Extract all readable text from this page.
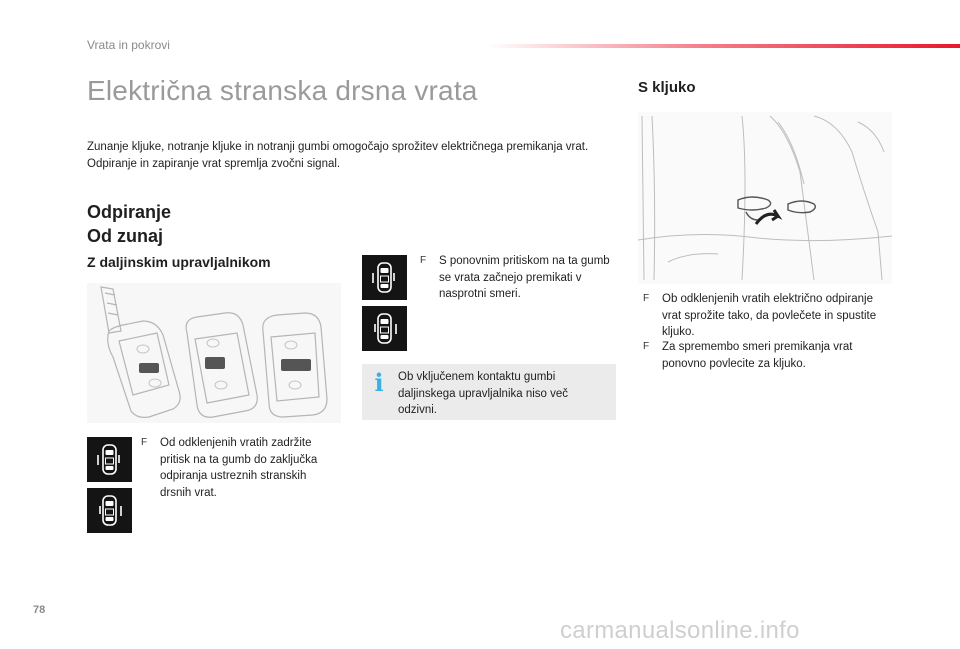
Vrata in pokrovi
Električna stranska drsna vrata
Zunanje kljuke, notranje kljuke in notranji gumbi omogočajo sprožitev električnega premikanja vrat.
Odpiranje in zapiranje vrat spremlja zvočni signal.
Odpiranje
Od zunaj
Z daljinskim upravljalnikom
F	Od odklenjenih vratih zadržite pritisk na ta gumb do zaključka odpiranja ustreznih stranskih drsnih vrat.
F	S ponovnim pritiskom na ta gumb se vrata začnejo premikati v nasprotni smeri.
i Ob vključenem kontaktu gumbi daljinskega upravljalnika niso več odzivni.
S kljuko
F	Ob odklenjenih vratih električno odpiranje vrat sprožite tako, da povlečete in spustite kljuko.
F	Za spremembo smeri premikanja vrat ponovno povlecite za kljuko.
78
carmanualsonline.info
